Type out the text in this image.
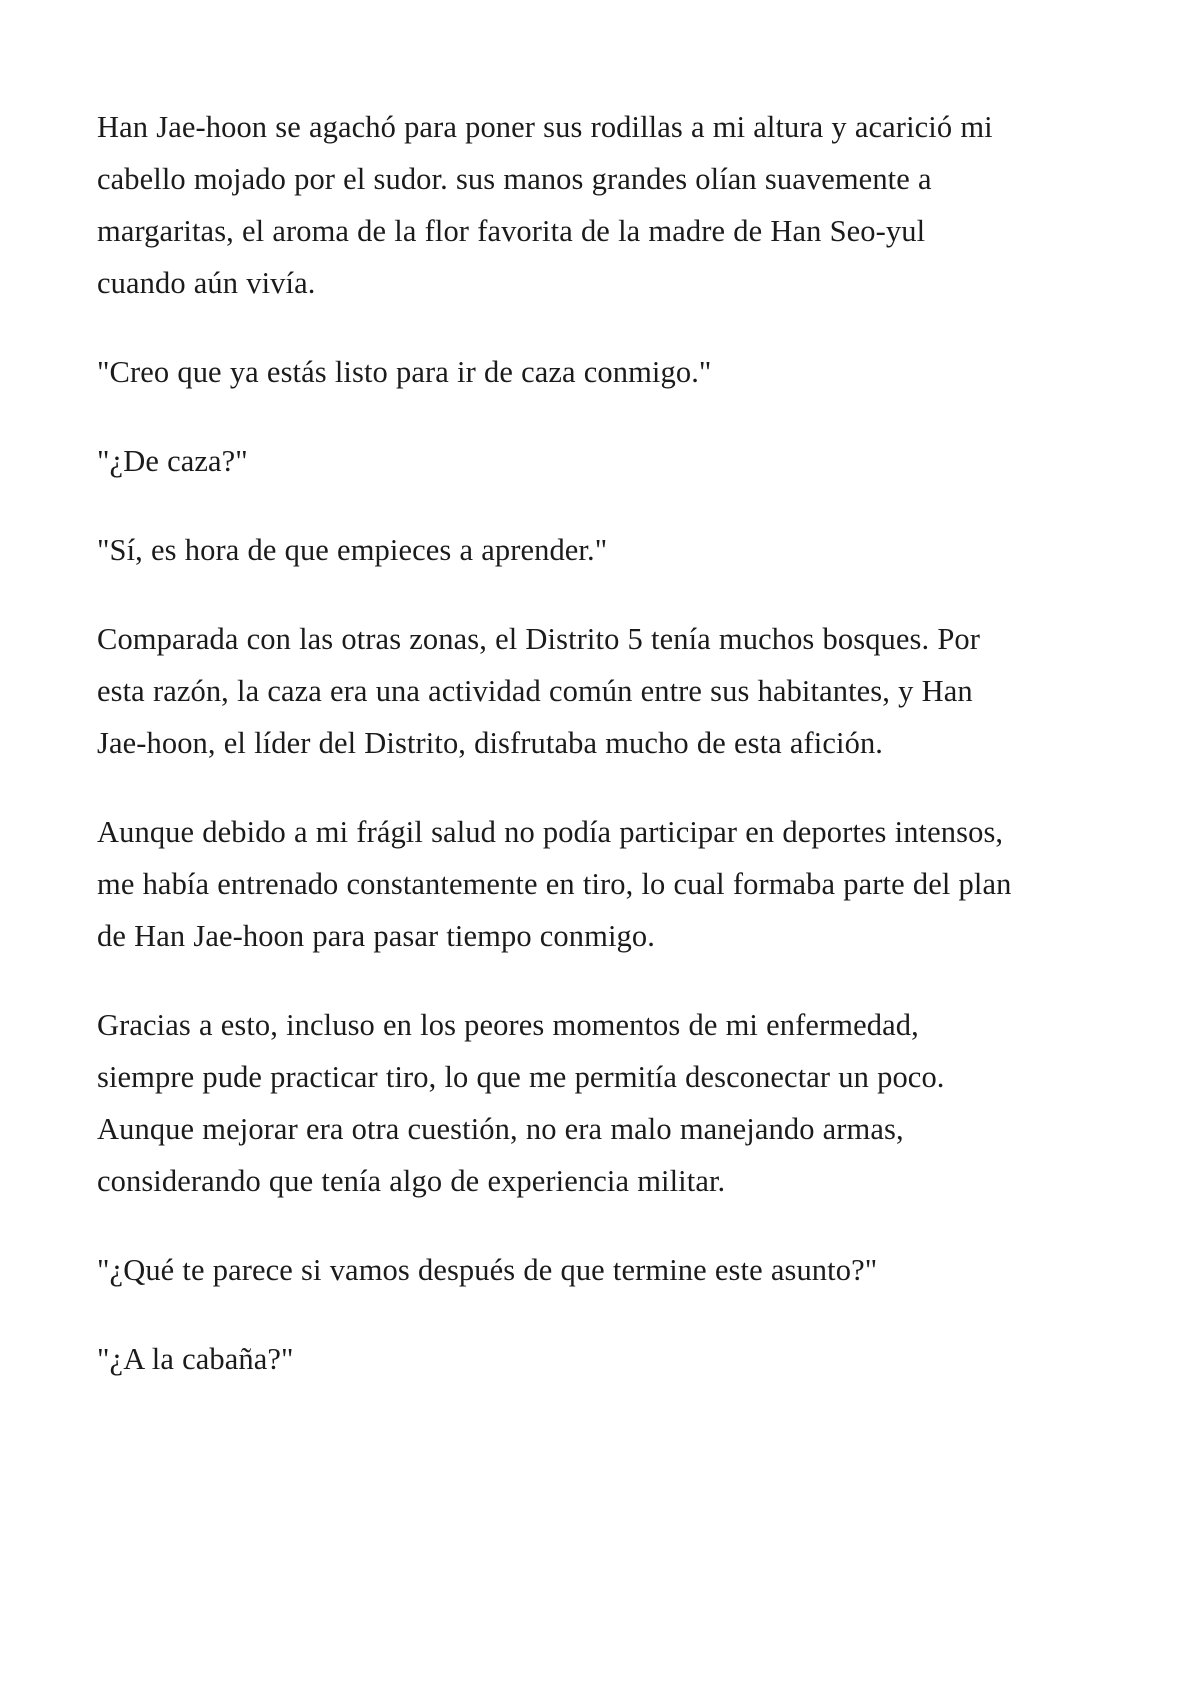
Han Jae-hoon se agachó para poner sus rodillas a mi altura y acarició mi cabello mojado por el sudor. sus manos grandes olían suavemente a margaritas, el aroma de la flor favorita de la madre de Han Seo-yul cuando aún vivía.

"Creo que ya estás listo para ir de caza conmigo."

"¿De caza?"

"Sí, es hora de que empieces a aprender."

Comparada con las otras zonas, el Distrito 5 tenía muchos bosques. Por esta razón, la caza era una actividad común entre sus habitantes, y Han Jae-hoon, el líder del Distrito, disfrutaba mucho de esta afición.

Aunque debido a mi frágil salud no podía participar en deportes intensos, me había entrenado constantemente en tiro, lo cual formaba parte del plan de Han Jae-hoon para pasar tiempo conmigo.

Gracias a esto, incluso en los peores momentos de mi enfermedad, siempre pude practicar tiro, lo que me permitía desconectar un poco. Aunque mejorar era otra cuestión, no era malo manejando armas, considerando que tenía algo de experiencia militar.

"¿Qué te parece si vamos después de que termine este asunto?"

"¿A la cabaña?"
